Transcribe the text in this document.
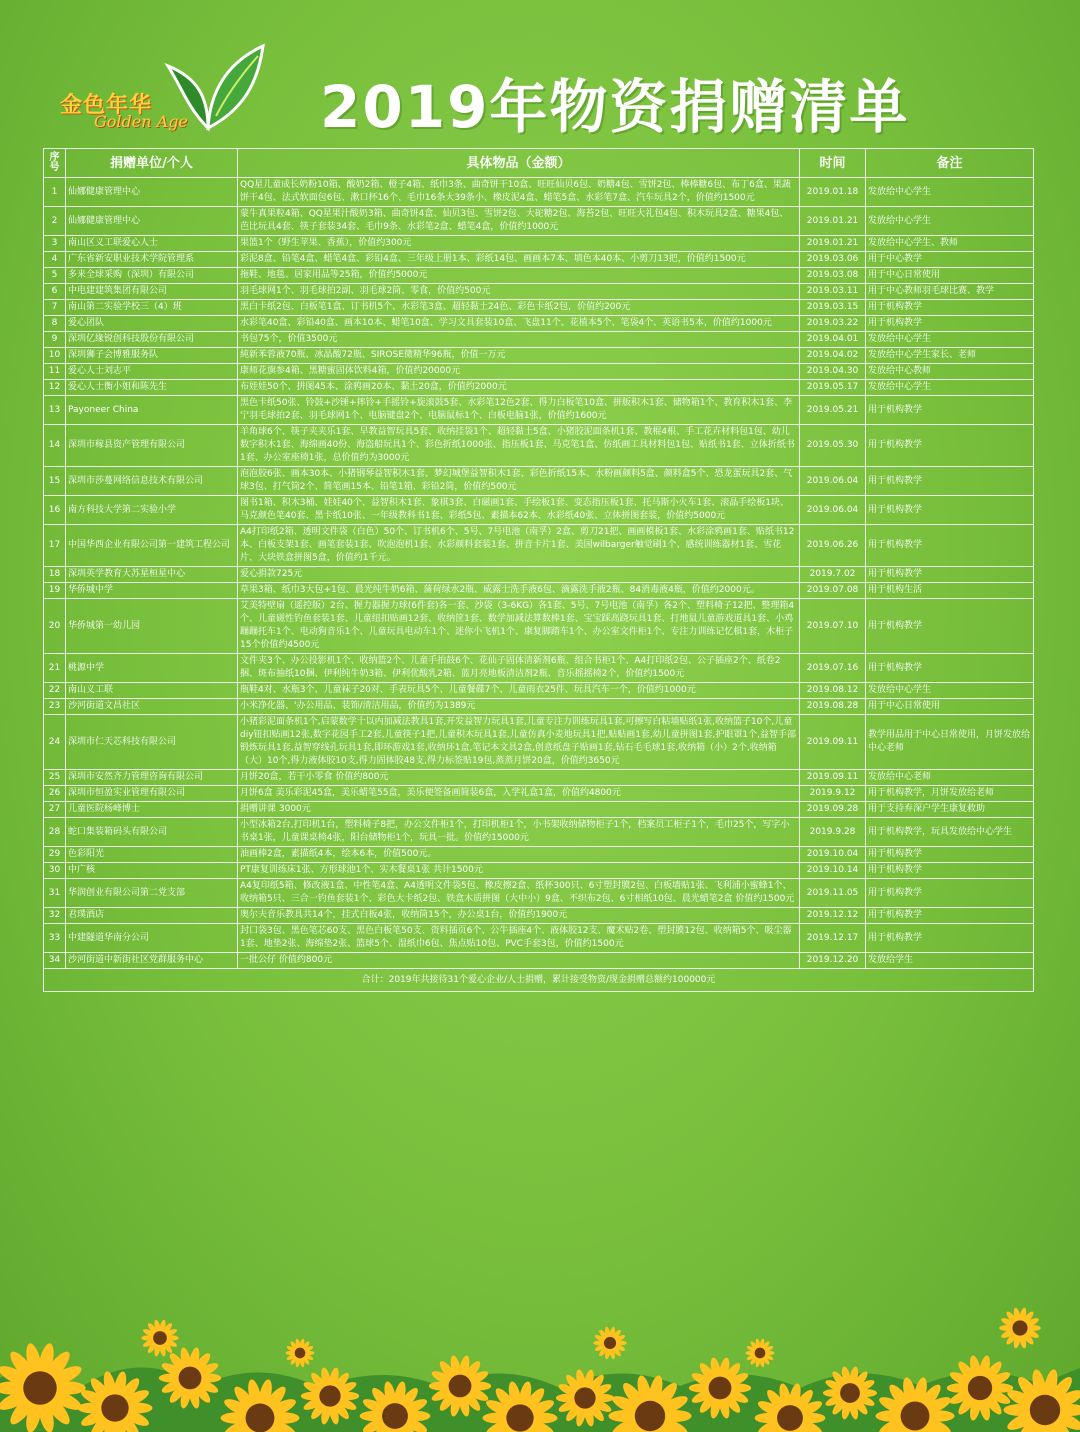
金色年华
Golden Age 2019年物资捐赠清单
序号	捐赠单位/个人	具体物品（金额）	时间	备注
1	仙娜健康管理中心	QQ星儿童成长奶粉10箱、酸奶2箱、橙子4箱、纸巾3条、曲奇饼干10盒、旺旺仙贝6包、奶糖4包、雪饼2包、棒棒糖6包、布丁6盒、果蔬饼干4包、法式软面包6包、漱口杯16个、毛巾16条大39条小、橡皮泥4盒、蜡笔5盒、水彩笔7盒、汽车玩具2个，价值约1500元	2019.01.18	发放给中心学生
2	仙娜健康管理中心	蒙牛真果粒4箱、QQ星果汁酸奶3箱、曲奇饼4盒、仙贝3包、雪饼2包、大砣糖2包、海苔2包、旺旺大礼包4包、积木玩具2盒、糖果4包、芭比玩具4套、筷子套装34套、毛巾9条、水彩笔2盒、蜡笔4盒，价值约1000元	2019.01.21	发放给中心学生
3	南山区义工联爱心人士	果篮1个（野生苹果、香蕉），价值约300元	2019.01.21	发放给中心学生、教师
4	广东省新安职业技术学院管理系	彩泥8盒、铅笔4盒、蜡笔4盒、彩铅4盒、三年级上册1本、彩纸14包、画画本7本、填色本40本、小剪刀13把，价值约1500元	2019.03.06	用于中心教学
5	多来全球采购（深圳）有限公司	拖鞋、地毯、居家用品等25箱，价值约5000元	2019.03.08	用于中心日常使用
6	中电建建筑集团有限公司	羽毛球网1个、羽毛球拍2副、羽毛球2筒、零食，价值约500元	2019.03.11	用于中心教师羽毛球比赛、教学
7	南山第二实验学校三（4）班	黑白卡纸2包、白板笔1盒、订书机5个、水彩笔3盒、超轻黏土24色、彩色卡纸2包，价值约200元	2019.03.15	用于机构教学
8	爱心团队	水彩笔40盒、彩铅40盒、画本10本、蜡笔10盒、学习文具套装10盒、飞盘11个、花植本5个、笔袋4个、英语书5本，价值约1000元	2019.03.22	用于机构教学
9	深圳亿缘锐创科技股份有限公司	书包75个，价值3500元	2019.04.01	发放给中心学生
10	深圳狮子会博雅服务队	純新苯蓉液70瓶、冰晶酸72瓶、SIROSE微精华96瓶，价值一万元	2019.04.02	发放给中心学生家长、老师
11	爱心人士刘志平	康师花旗参4箱、黑糖蜜固体饮料4箱，价值约20000元	2019.04.30	发放给中心教师
12	爱心人士衡小姐和陈先生	布娃娃50个、拼图45本、涂鸦画20本、黏土20盒，价值约2000元	2019.05.17	发放给中心学生
13	Payoneer China	黑色卡纸50张、铃鼓+沙锤+摔铃+手摇铃+旋滚鼓5套、水彩笔12色2套、得力白板笔10盒、拼版积木1套、储物箱1个、教育积木1套、李宁羽毛球拍2套、羽毛球网1个、电脑键盘2个、电脑鼠标1个、白板电脑1张，价值约1600元	2019.05.21	用于机构教学
14	深圳市稼县资产管理有限公司	羊角球6个、筷子夹夹乐1套、早教益智玩具5套、收纳挂袋1个、超轻黏土5盒、小猪胶泥面条机1套、教棍4根、手工花卉材料包1包、幼儿数字积木1套、海绵画40份、海盗船玩具1个、彩色折纸1000张、指压板1套、马克笔1盒、仿纸画工具材料包1包、贴纸书1套、立体折纸书1套、办公室座椅1张，总价值约为3000元	2019.05.30	用于机构教学
15	深圳市莎蔓网络信息技术有限公司	泡泡胶6张、画本30本、小猪钢琴益智积木1套、梦幻城堡益智积木1套、彩色折纸15本、水粉画颜料5盒、颜料盒5个、恐龙蛋玩具2套、气球3包、打气筒2个、简笔画15本、铅笔1箱、彩铅2筒，价值约500元	2019.06.04	用于机构教学
16	南方科技大学第二实验小学	图书1箱、积木3桶、娃娃40个、益智积木1套、象棋3套、白磁画1套、手绘板1套、变态指压板1套、托马斯小火车1套、滚晶手绘板1块、马克颜色笔40套、黑卡纸10张、一年级教科书1套、彩纸5包、素描本62本、水彩纸40张、立体拼图套装，价值约5000元	2019.06.04	用于机构教学
17	中国华西企业有限公司第一建筑工程公司	A4打印纸2箱、透明文件袋（白色）50个、订书机6个、5号、7号电池（南孚）2盒、剪刀21把、画画模板1套、水彩涂鸦画1套、贴纸书12本、白板支架1套、画笔套装1套、吹泡泡机1套、水彩颜料套装1套、拼音卡片1套、美国wilbarger触觉刷1个、感统训练器材1套、雪花片、大块铁盒拼图5盒，价值约1千元。	2019.06.26	用于机构教学
18	深圳英学教育大苏星桓星中心	爱心捐款725元	2019.7.02	用于机构教学
19	华侨城中学	草果3箱、纸巾3大包+1包、晨光纯牛奶6箱、蒲荷绿水2瓶、威露士洗手液6包、滴露洗手液2瓶、84消毒液4瓶，价值约2000元。	2019.07.08	用于机构生活
20	华侨城第一幼儿园	艾美特壁扇（遥控版）2台、握力器握力球(6件套)各一套、沙袋（3-6KG）各1套、5号、7号电池（南孚）各2个、塑料椅子12把、整理箱4个、儿童磁性钓鱼套装1套、儿童纽扣贴画12套、收纳筐1套、数学加减法算数棒1套、宝宝踩高跷玩具1套、打地鼠儿童游戏道具1套、小鸡蹦蹦托车1个、电动狗音乐1个、儿童玩具电动车1个、迷你小飞机1个、康复脚踏车1个、办公室文件柜1个、专注力训练记忆棋1套，木柜子15个价值约4500元	2019.07.10	用于机构教学
21	桃源中学	文件夹3个、办公投影机1个、收纳篮2个、儿童手拍鼓6个、花仙子固体清新剂6瓶、组合书柜1个、A4打印纸2包、公子插座2个、纸卷2捆、斑布抽纸10捆、伊利纯牛奶3箱、伊利优酸乳2箱、蓝月亮地板清洁剂2瓶、音乐摇摇椅2个，价值约1500元	2019.07.16	用于机构教学
22	南山义工联	瓶鞋4对、水瓶3个、儿童袜子20对、手表玩具5个、儿童餐碟7个、儿童雨衣25件、玩具汽车一个，价值约1000元	2019.08.12	发放给中心学生
23	沙河街道文昌社区	小米净化器、'办公用品、装饰/清洁用品，价值约为1389元	2019.08.28	用于中心日常使用
24	深圳市仁天芯科技有限公司	小猪彩泥面条机1个,启蒙数学十以内加减法教具1套,开发益智力玩具1套,儿童专注力训练玩具1套,可擦写白粘墙贴纸1张,收纳篮子10个,儿童diy钮扣贴画12张,数字花园手工2套,儿童筷子1把,儿童积木玩具1套,儿童仿真小麦地玩具1把,贴贴画1套,幼儿童拼图1套,护眼罩1个,益智手部锻炼玩具1套,益智穿线孔玩具1套,即环游戏1套,收纳环1盒,笔记本文具2盒,创意纸盘子贴画1套,钻石毛毛球1套,收纳箱（小）2个,收纳箱（大）10个,得力液体胶10支,得力固体胶48支,得力标签贴19包,蒸蒸月饼20盒，价值约3650元	2019.09.11	教学用品用于中心日常使用，月饼发放给中心老师
25	深圳市安然齐力管理咨询有限公司	月饼20盒，若干小零食 价值约800元	2019.09.11	发放给中心老师
26	深圳市恒盈实业管理有限公司	月饼6盒 美乐彩泥45盒，美乐蜡笔55盒，美乐便签备画简装6盒，入学礼盒1盒，价值约4800元	2019.9.12	用于机构教学，月饼发放给老师
27	儿童医院杨峰博士	捐赠讲课 3000元	2019.09.28	用于支持弃深户学生康复救助
28	蛇口集装箱码头有限公司	小型冰箱2台,打印机1台，塑料椅子8把，办公文件柜1个，打印机柜1个，小书架收纳储物柜子1个，档案员工柜子1个，毛巾25个，写字小书桌1张，儿童课桌椅4张，阳台储物柜1个，玩具一批。价值约15000元	2019.9.28	用于机构教学，玩具发放给中心学生
29	色彩阳光	油画棒2盒，素描纸4本，绘本6本，价值500元。	2019.10.04	用于机构教学
30	中广核	PT康复训练床1张、方形球池1个、实木餐桌1张 共计1500元	2019.10.14	用于机构教学
31	华润创业有限公司第二党支部	A4复印纸5箱、修改液1盒、中性笔4盒、A4透明文件袋5包、橡皮擦2盒、纸杯300只、6寸塑封膜2包、白板墙贴1张、飞利浦小蜜蜂1个、收纳箱5只、三合一钓鱼套装1个、彩色大卡纸2包、铁盒木质拼图（大中小）9盒、不织布2包、6寸相纸10包、晨光蜡笔2盒 价值约1500元	2019.11.05	用于机构教学
32	君璞酒店	奥尔夫音乐教具共14个，挂式白板4张，收纳筒15个，办公桌1台，价值约1900元	2019.12.12	用于机构教学
33	中建隧道华南分公司	封口袋3包、黑色笔芯60支、黑色白板笔50支、资料插页6个、公牛插座4个、液体胶12支、魔术贴2卷、塑封膜12包、收纳箱5个、吸尘器1套、地垫2张、海绵垫2张、篮球5个、湿纸巾6包、焦点贴10包、PVC手套3包，价值约1500元	2019.12.17	用于机构教学
34	沙河街道中新街社区党群服务中心	一批公仔 价值约800元	2019.12.20	发放给学生
合计：2019年共接待31个爱心企业/人士捐赠，累计接受物资/现金捐赠总额约100000元				
